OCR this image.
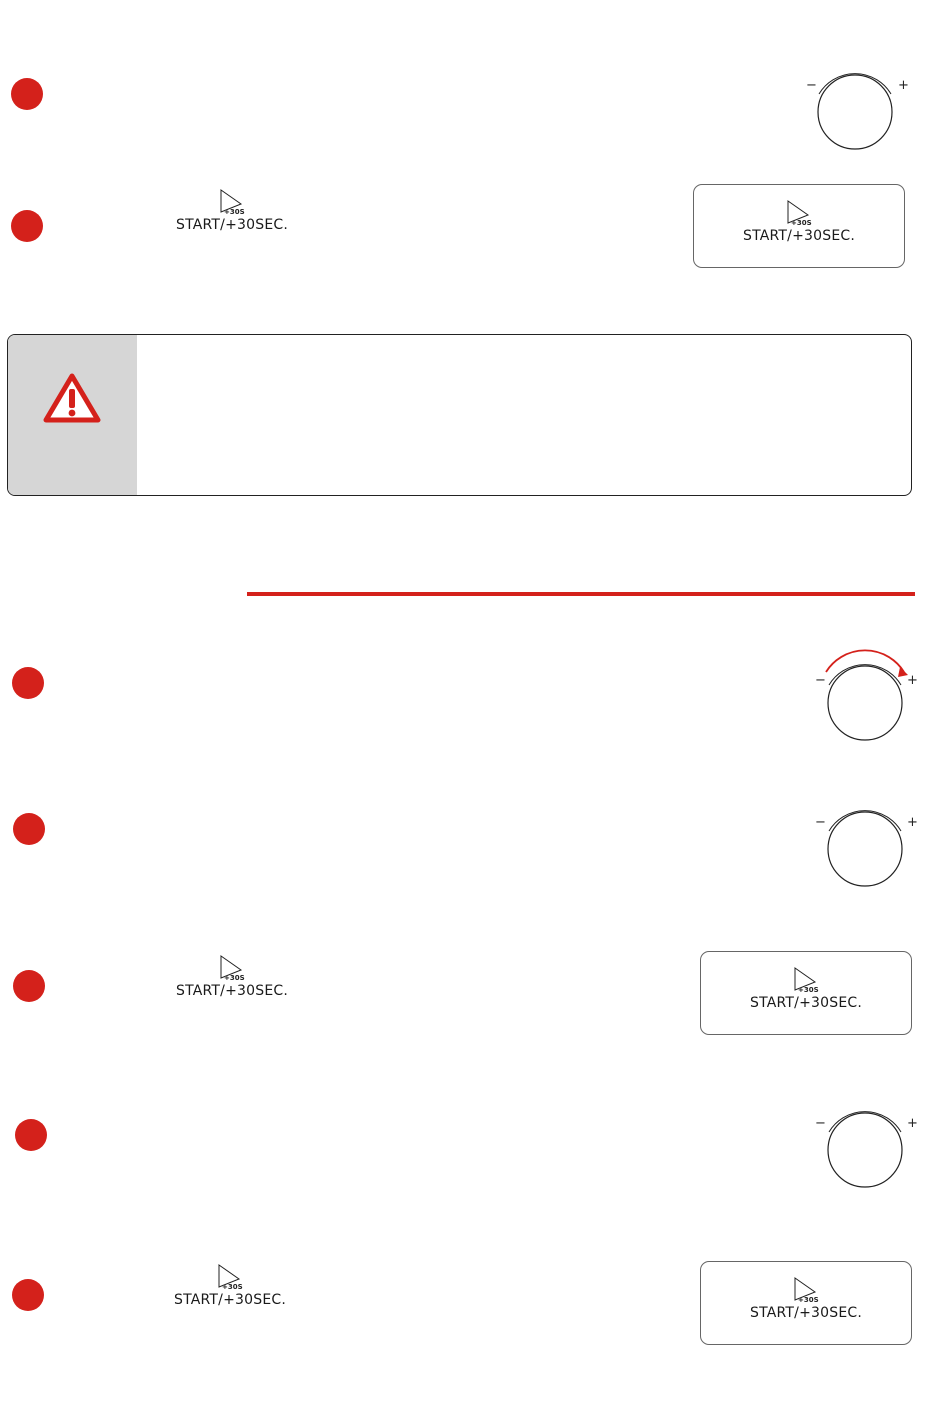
−	+
+30S
START/+30SEC.	+30S
START/+30SEC.
−	+
−	+
+30S
START/+30SEC.	+30S
START/+30SEC.
−	+
+30S
START/+30SEC.	+30S
START/+30SEC.
